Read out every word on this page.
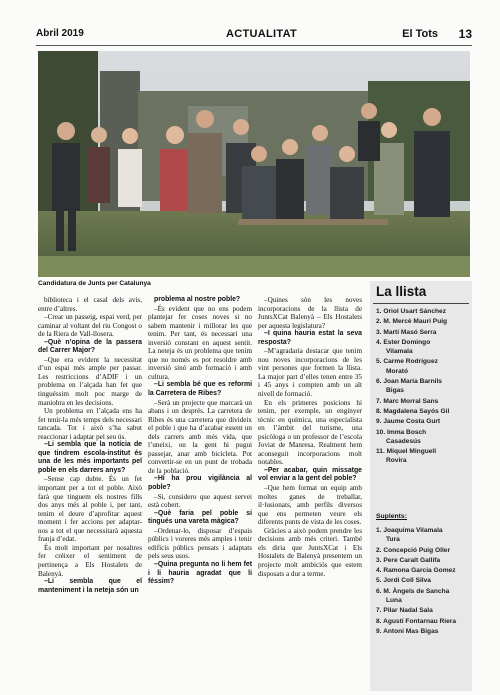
Abril 2019	ACTUALITAT	El Tots 13
Candidatura de Junts per Catalunya

biblioteca i el casal dels avis, entre d’altres.

–Crear un passeig, espai verd, per caminar al voltant del riu Congost o de la Riera de Vall-llosera.

–Què n’opina de la passera del Carrer Major?

–Que era evident la necessitat d’un espai més ample per passar. Les restriccions d’ADIF i un problema en l’alçada han fet que tinguéssim molt poc marge de maniobra en les decisions.

Un problema en l’alçada ens ha fet tenir-la més temps dels necessari tancada. Tot i això s’ha sabut reaccionar i adaptar pel seu ús.

–Li sembla que la notícia de que tindrem escola-institut és una de les més importants pel poble en els darrers anys?

–Sense cap dubte. És un fet important per a tot el poble. Això farà que tinguem els nostres fills dos anys més al poble i, per tant, tenim el deure d’aprofitar aquest moment i fer accions per adaptar-nos a tot el que necessitarà aquesta franja d’edat.

És molt important per nosaltres fer créixer el sentiment de pertinença a Els Hostalets de Balenyà.

–Li sembla que el manteniment i la neteja són un

problema al nostre poble?

–És evident que no ens podem plantejar fer coses noves si no sabem mantenir i millorar les que tenim. Per tant, és necessari una inversió constant en aquest sentit. La neteja és un problema que tenim que no només es pot resoldre amb inversió sinó amb formació i amb cultura.

–Li sembla bé que es reformi la Carretera de Ribes?

–Serà un projecte que marcarà un abans i un després. La carretera de Ribes és una carretera que divideix el poble i que ha d’acabar essent un dels carrers amb més vida, que l’uneixi, on la gent hi pugui passejar, anar amb bicicleta. Pot convertir-se en un punt de trobada de la població.

–Hi ha prou vigilància al poble?

–Si, considero que aquest servei està cobert.

–Què faria pel poble si tingués una vareta màgica?

–Ordenar-lo, disposar d’espais públics i voreres més amples i tenir edificis públics pensats i adaptats pels seus usos.

–Quina pregunta no li hem fet i li hauria agradat que li féssim?

–Quines són les noves incorporacions de la llista de JuntsXCat Balenyà – Els Hostalets per aquesta legislatura?

–I quina hauria estat la seva resposta?

–M’agradaria destacar que tenim nou noves incorporacions de les vint persones que formen la llista. La major part d’elles tenen entre 35 i 45 anys i compten amb un alt nivell de formació.

En els primeres posicions hi tenim, per exemple, un enginyer tècnic en química, una especialista en l’àmbit del turisme, una psicòloga o un professor de l’escola Joviat de Manresa. Realment hem aconseguit incorporacions molt notables.

–Per acabar, quin missatge vol enviar a la gent del poble?

–Que hem format un equip amb moltes ganes de treballar, il·lusionats, amb perfils diversos que ens permeten veure els diferents punts de vista de les coses.

Gràcies a això podem prendre les decisions amb més criteri. També els diria que JuntsXCat i Els Hostalets de Balenyà presentem un projecte molt ambiciós que estem disposats a dur a terme.

La llista
1. Oriol Usart Sánchez
2. M. Mercè Mauri Puig
3. Martí Masó Serra
4. Ester Domingo
Vilamala
5. Carme Rodríguez
Morató
6. Joan Maria Barnils
Bigas
7. Marc Morral Sans
8. Magdalena Sayós Gil
9. Jaume Costa Gurt
10. Imma Bosch
Casadesús
11. Miquel Minguell
Rovira
Suplents:
1. Joaquima Vilamala
Tura
2. Concepció Puig Oller
3. Pere Caralt Gallifa
4. Ramona Garcia Gomez
5. Jordi Coll Silva
6. M. Àngels de Sancha
Luna
7. Pilar Nadal Sala
8. Agustí Fontarnau Riera
9. Antoni Mas Bigas
